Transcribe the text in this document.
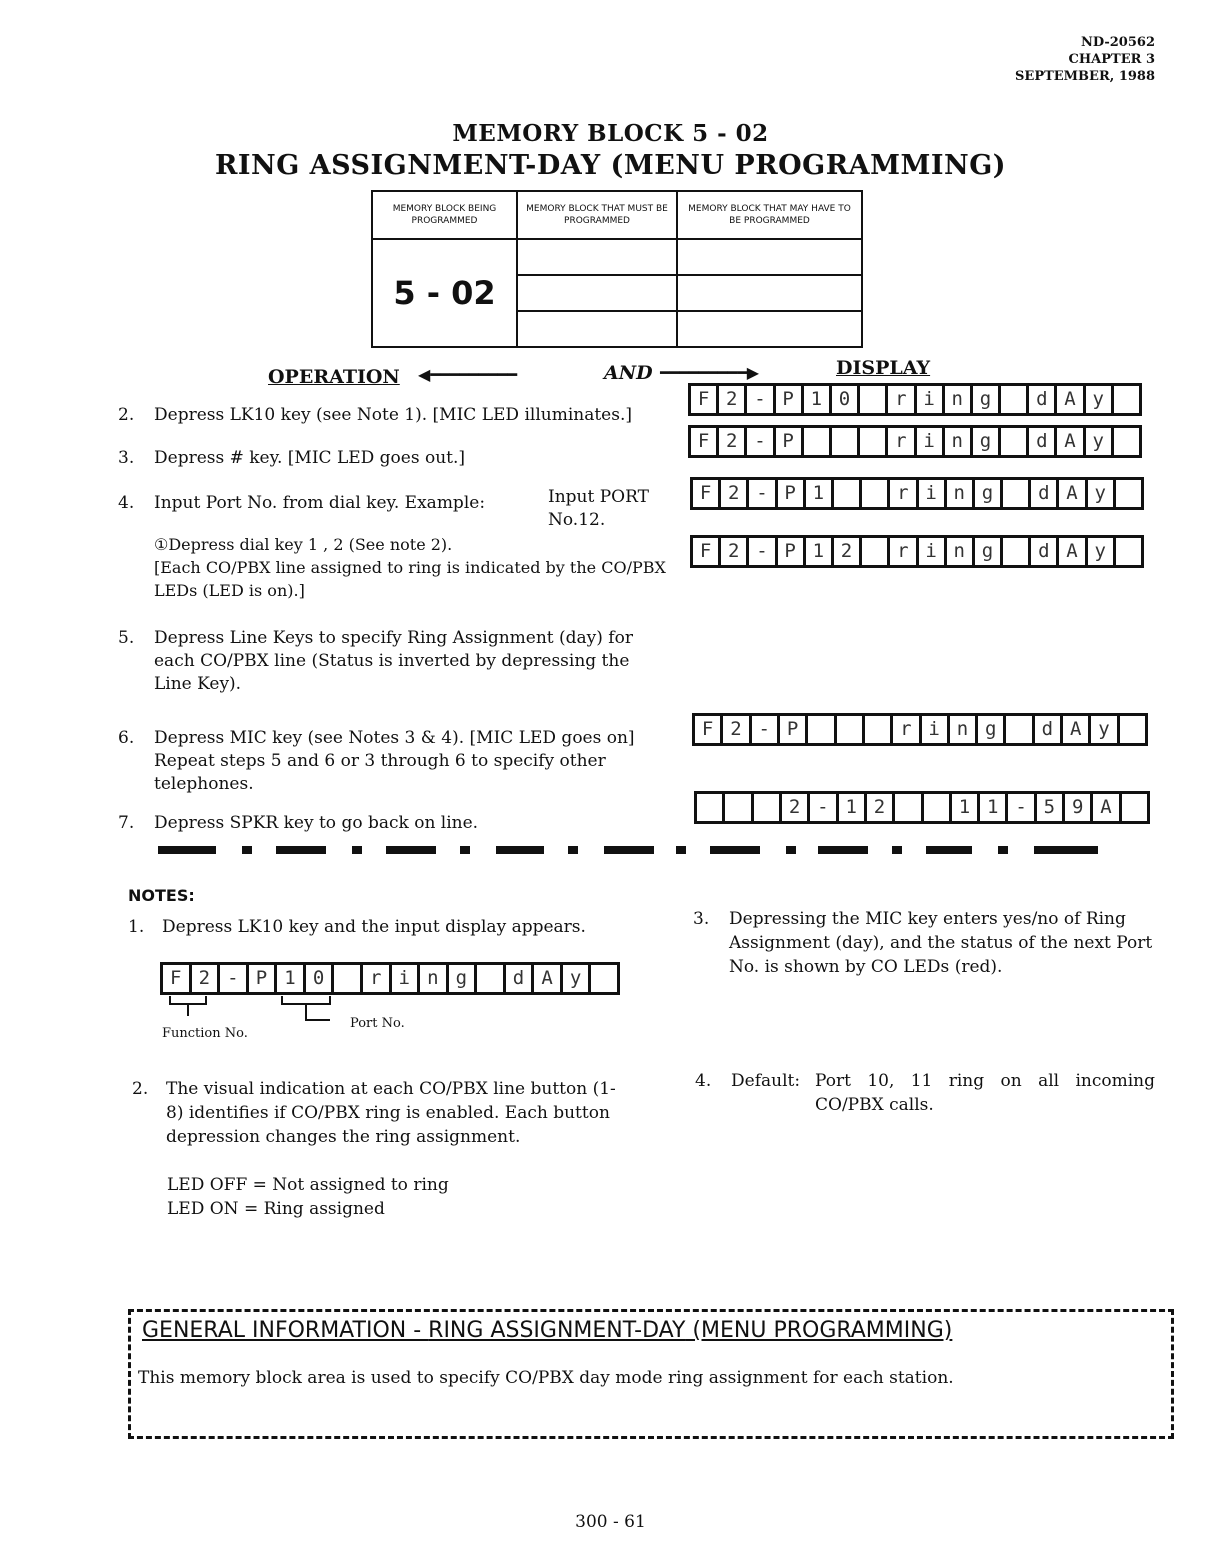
ND-20562
CHAPTER 3
SEPTEMBER, 1988
MEMORY BLOCK 5 - 02
RING ASSIGNMENT-DAY (MENU PROGRAMMING)
MEMORY BLOCK BEING PROGRAMMED	MEMORY BLOCK THAT MUST BE PROGRAMMED	MEMORY BLOCK THAT MAY HAVE TO BE PROGRAMMED
5 - 02		

OPERATION ◀━━━━━━━━━	AND ━━━━━━━━━▶	DISPLAY
2. Depress LK10 key (see Note 1). [MIC LED illuminates.]
3. Depress # key. [MIC LED goes out.]
4. Input Port No. from dial key. Example:	Input PORT No.12.
①Depress dial key 1 , 2 (See note 2).
[Each CO/PBX line assigned to ring is indicated by the CO/PBX LEDs (LED is on).]
5. Depress Line Keys to specify Ring Assignment (day) for each CO/PBX line (Status is inverted by depressing the Line Key).
6. Depress MIC key (see Notes 3 & 4). [MIC LED goes on] Repeat steps 5 and 6 or 3 through 6 to specify other telephones.
7. Depress SPKR key to go back on line.
F 2 - P 1 0	r i n g	d A y
F 2 - P	r i n g	d A y
F 2 - P 1	r i n g	d A y
F 2 - P 1 2	r i n g	d A y
F 2 - P	r i n g	d A y
2 - 1 2	1 1 - 5 9 A
NOTES:
1. Depress LK10 key and the input display appears.
F 2 - P 1 0	r i n g	d A y
Function No.
Port No.
2. The visual indication at each CO/PBX line button (1-8) identifies if CO/PBX ring is enabled. Each button depression changes the ring assignment.
LED OFF = Not assigned to ring
LED ON = Ring assigned
3. Depressing the MIC key enters yes/no of Ring Assignment (day), and the status of the next Port No. is shown by CO LEDs (red).
4. Default: Port 10, 11 ring on all incoming CO/PBX calls.
GENERAL INFORMATION - RING ASSIGNMENT-DAY (MENU PROGRAMMING)
This memory block area is used to specify CO/PBX day mode ring assignment for each station.
300 - 61
